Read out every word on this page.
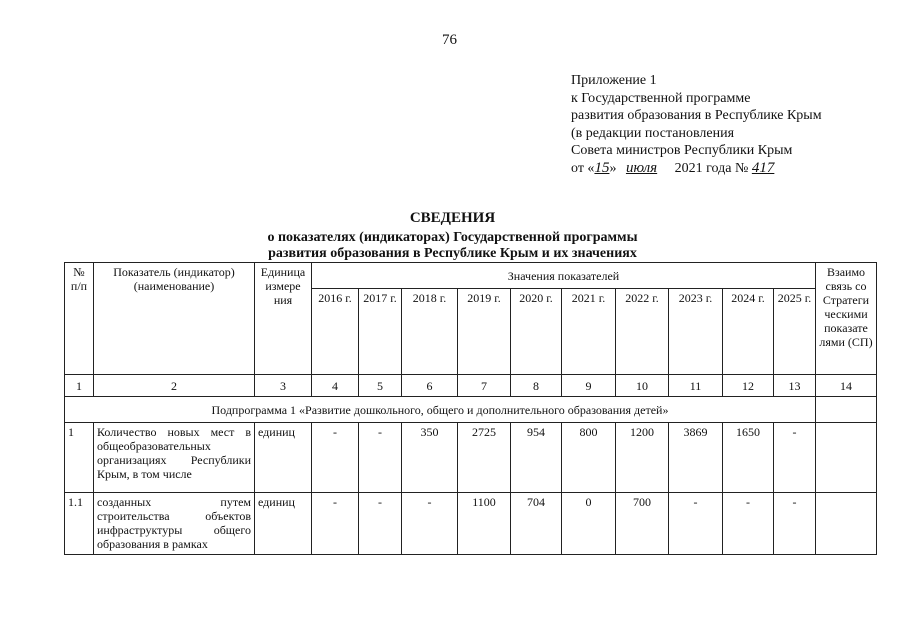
76
Приложение 1
к Государственной программе
развития образования в Республике Крым
(в редакции постановления
Совета министров Республики Крым
от «15» июля 2021 года № 417
СВЕДЕНИЯ
о показателях (индикаторах) Государственной программы
развития образования в Республике Крым и их значениях
№ п/п	Показатель (индикатор) (наименование)	Единица измере ния	Значения показателей										Взаимо связь со Стратеги ческими показате лями (СП)
			2016 г.	2017 г.	2018 г.	2019 г.	2020 г.	2021 г.	2022 г.	2023 г.	2024 г.	2025 г.	
1	2	3	4	5	6	7	8	9	10	11	12	13	14
Подпрограмма 1 «Развитие дошкольного, общего и дополнительного образования детей»													
1	Количество новых мест в общеобразовательных организациях Республики Крым, в том числе	единиц	-	-	350	2725	954	800	1200	3869	1650	-	
1.1	созданных путем строительства объектов инфраструктуры общего образования в рамках	единиц	-	-	-	1100	704	0	700	-	-	-	
